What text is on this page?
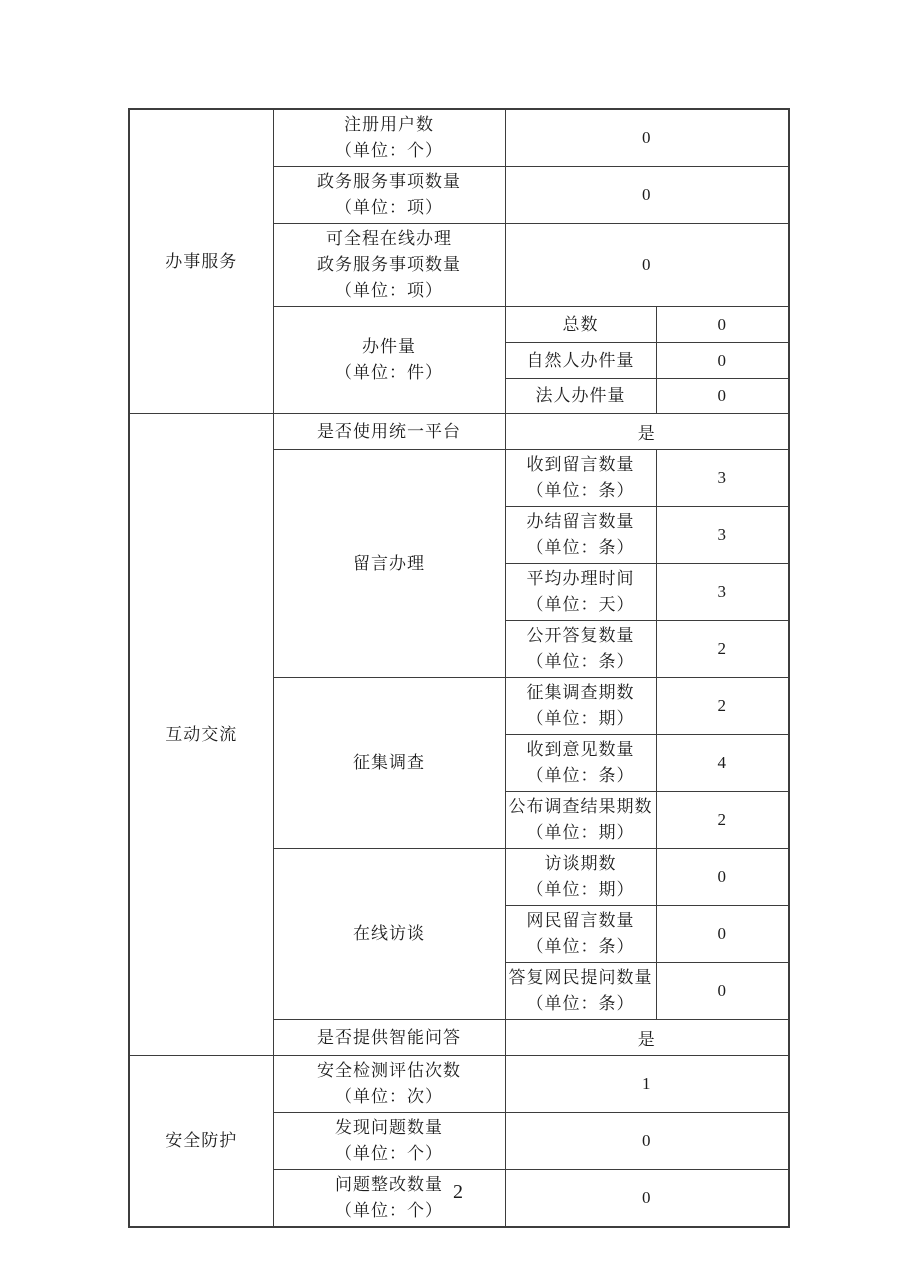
办事服务	注册用户数
（单位：个）	0	

	政务服务事项数量
（单位：项）	0	

	可全程在线办理
政务服务事项数量
（单位：项）	0	

	办件量
（单位：件）	总数	0

		自然人办件量	0

		法人办件量	0

互动交流	是否使用统一平台	是	

	留言办理	收到留言数量
（单位：条）	3

		办结留言数量
（单位：条）	3

		平均办理时间
（单位：天）	3

		公开答复数量
（单位：条）	2

	征集调查	征集调查期数
（单位：期）	2

		收到意见数量
（单位：条）	4

		公布调查结果期数
（单位：期）	2

	在线访谈	访谈期数
（单位：期）	0

		网民留言数量
（单位：条）	0

		答复网民提问数量
（单位：条）	0

	是否提供智能问答	是	

安全防护	安全检测评估次数
（单位：次）	1	

	发现问题数量
（单位：个）	0	

	问题整改数量
（单位：个）	0	
2
